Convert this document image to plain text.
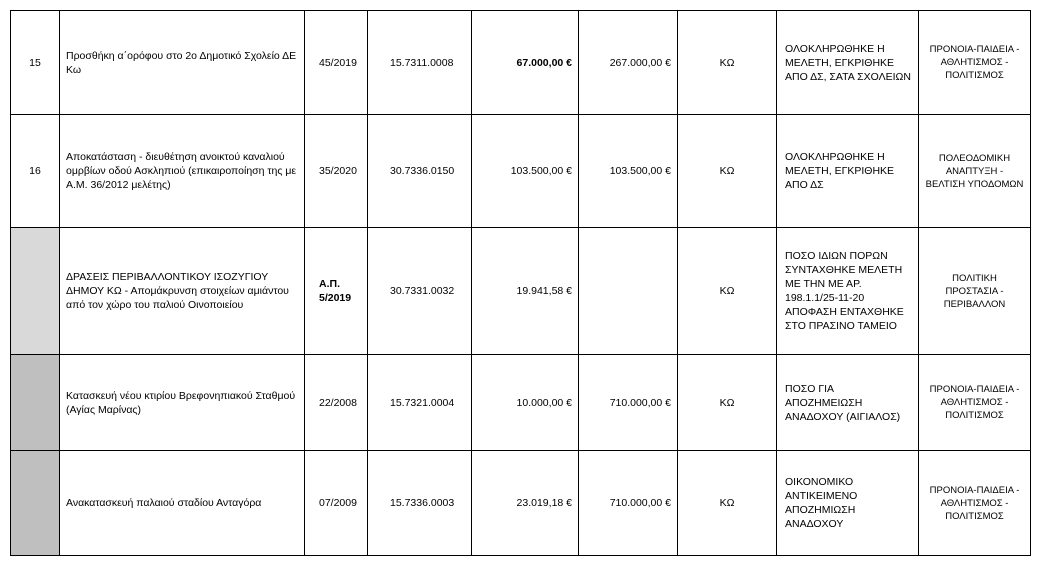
15	Προσθήκη α΄ορόφου στο 2ο Δημοτικό Σχολείο ΔΕ Κω	45/2019	15.7311.0008	67.000,00 €	267.000,00 €	ΚΩ	ΟΛΟΚΛΗΡΩΘΗΚΕ Η ΜΕΛΕΤΗ, ΕΓΚΡΙΘΗΚΕ ΑΠΟ ΔΣ, ΣΑΤΑ ΣΧΟΛΕΙΩΝ	ΠΡΟΝΟΙΑ-ΠΑΙΔΕΙΑ - ΑΘΛΗΤΙΣΜΟΣ - ΠΟΛΙΤΙΣΜΟΣ
16	Αποκατάσταση - διευθέτηση ανοικτού καναλιού ομρβίων οδού Ασκληπιού (επικαιροποίηση της με Α.Μ. 36/2012 μελέτης)	35/2020	30.7336.0150	103.500,00 €	103.500,00 €	ΚΩ	ΟΛΟΚΛΗΡΩΘΗΚΕ Η ΜΕΛΕΤΗ, ΕΓΚΡΙΘΗΚΕ ΑΠΟ ΔΣ	ΠΟΛΕΟΔΟΜΙΚΗ ΑΝΑΠΤΥΞΗ - ΒΕΛΤΙΣΗ ΥΠΟΔΟΜΩΝ
	ΔΡΑΣΕΙΣ ΠΕΡΙΒΑΛΛΟΝΤΙΚΟΥ ΙΣΟΖΥΓΙΟΥ ΔΗΜΟΥ ΚΩ - Απομάκρυνση στοιχείων αμιάντου από τον χώρο του παλιού Οινοποιείου	Α.Π. 5/2019	30.7331.0032	19.941,58 €		ΚΩ	ΠΟΣΟ ΙΔΙΩΝ ΠΟΡΩΝ ΣΥΝΤΑΧΘΗΚΕ ΜΕΛΕΤΗ ΜΕ ΤΗΝ ΜΕ ΑΡ. 198.1.1/25-11-20 ΑΠΟΦΑΣΗ ΕΝΤΑΧΘΗΚΕ ΣΤΟ ΠΡΑΣΙΝΟ ΤΑΜΕΙΟ	ΠΟΛΙΤΙΚΗ ΠΡΟΣΤΑΣΙΑ - ΠΕΡΙΒΑΛΛΟΝ
	Κατασκευή νέου κτιρίου Βρεφονηπιακού Σταθμού (Αγίας Μαρίνας)	22/2008	15.7321.0004	10.000,00 €	710.000,00 €	ΚΩ	ΠΟΣΟ ΓΙΑ ΑΠΟΖΗΜΕΙΩΣΗ ΑΝΑΔΟΧΟΥ (ΑΙΓΙΑΛΟΣ)	ΠΡΟΝΟΙΑ-ΠΑΙΔΕΙΑ - ΑΘΛΗΤΙΣΜΟΣ - ΠΟΛΙΤΙΣΜΟΣ
	Ανακατασκευή παλαιού σταδίου Ανταγόρα	07/2009	15.7336.0003	23.019,18 €	710.000,00 €	ΚΩ	ΟΙΚΟΝΟΜΙΚΟ ΑΝΤΙΚΕΙΜΕΝΟ ΑΠΟΖΗΜΙΩΣΗ ΑΝΑΔΟΧΟΥ	ΠΡΟΝΟΙΑ-ΠΑΙΔΕΙΑ - ΑΘΛΗΤΙΣΜΟΣ - ΠΟΛΙΤΙΣΜΟΣ
